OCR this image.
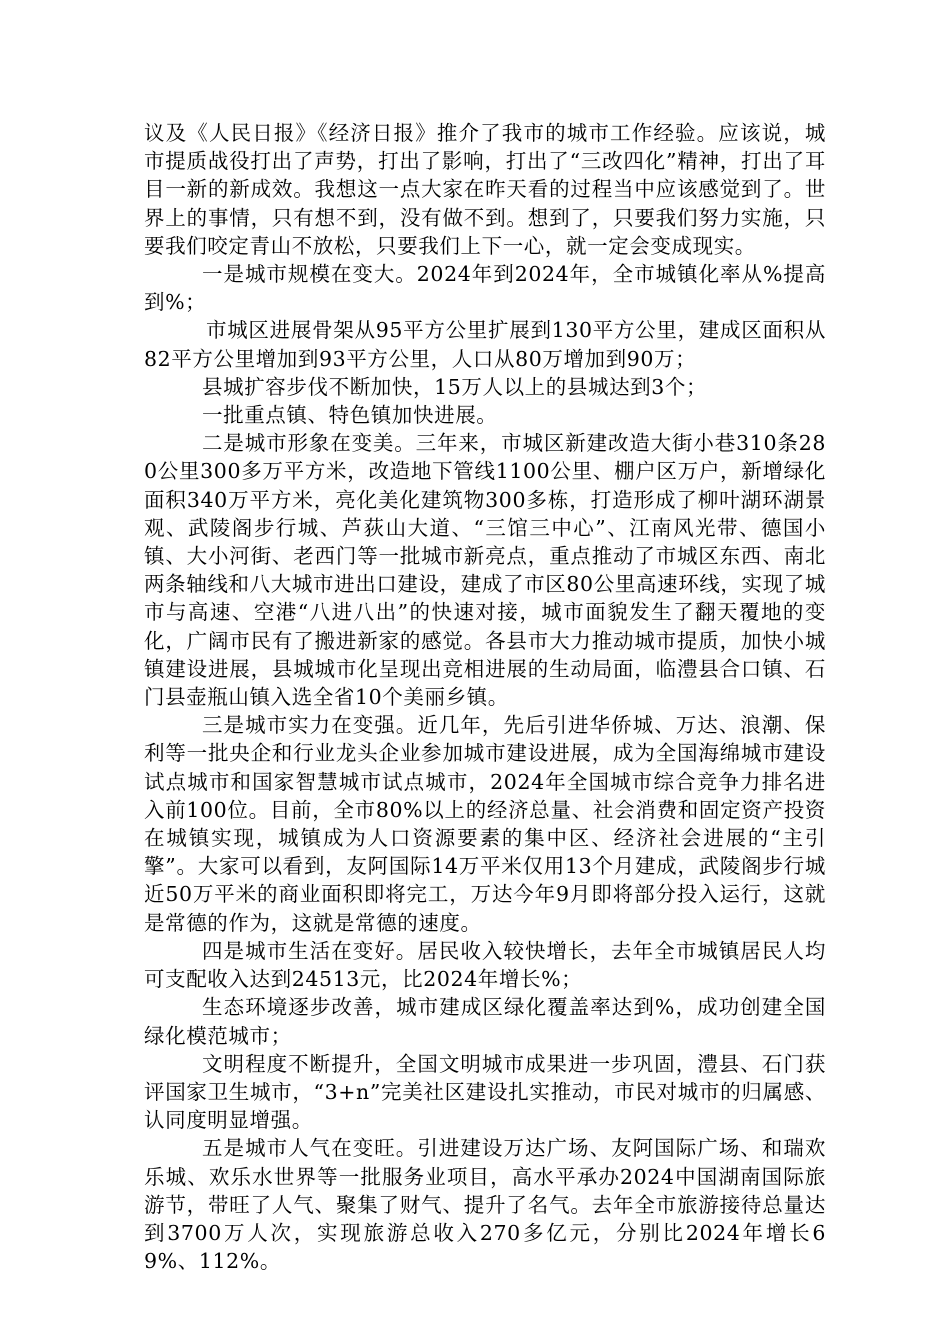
议及《人民日报》《经济日报》推介了我市的城市工作经验。应该说，城市提质战役打出了声势，打出了影响，打出了“三改四化”精神，打出了耳目一新的新成效。我想这一点大家在昨天看的过程当中应该感觉到了。世界上的事情，只有想不到，没有做不到。想到了，只要我们努力实施，只要我们咬定青山不放松，只要我们上下一心，就一定会变成现实。

一是城市规模在变大。2024年到2024年，全市城镇化率从%提高到%；

市城区进展骨架从95平方公里扩展到130平方公里，建成区面积从82平方公里增加到93平方公里，人口从80万增加到90万；

县城扩容步伐不断加快，15万人以上的县城达到3个；

一批重点镇、特色镇加快进展。

二是城市形象在变美。三年来，市城区新建改造大街小巷310条280公里300多万平方米，改造地下管线1100公里、棚户区万户，新增绿化面积340万平方米，亮化美化建筑物300多栋，打造形成了柳叶湖环湖景观、武陵阁步行城、芦荻山大道、“三馆三中心”、江南风光带、德国小镇、大小河街、老西门等一批城市新亮点，重点推动了市城区东西、南北两条轴线和八大城市进出口建设，建成了市区80公里高速环线，实现了城市与高速、空港“八进八出”的快速对接，城市面貌发生了翻天覆地的变化，广阔市民有了搬进新家的感觉。各县市大力推动城市提质，加快小城镇建设进展，县城城市化呈现出竞相进展的生动局面，临澧县合口镇、石门县壶瓶山镇入选全省10个美丽乡镇。

三是城市实力在变强。近几年，先后引进华侨城、万达、浪潮、保利等一批央企和行业龙头企业参加城市建设进展，成为全国海绵城市建设试点城市和国家智慧城市试点城市，2024年全国城市综合竞争力排名进入前100位。目前，全市80%以上的经济总量、社会消费和固定资产投资在城镇实现，城镇成为人口资源要素的集中区、经济社会进展的“主引擎”。大家可以看到，友阿国际14万平米仅用13个月建成，武陵阁步行城近50万平米的商业面积即将完工，万达今年9月即将部分投入运行，这就是常德的作为，这就是常德的速度。

四是城市生活在变好。居民收入较快增长，去年全市城镇居民人均可支配收入达到24513元，比2024年增长%；

生态环境逐步改善，城市建成区绿化覆盖率达到%，成功创建全国绿化模范城市；

文明程度不断提升，全国文明城市成果进一步巩固，澧县、石门获评国家卫生城市，“3+n”完美社区建设扎实推动，市民对城市的归属感、认同度明显增强。

五是城市人气在变旺。引进建设万达广场、友阿国际广场、和瑞欢乐城、欢乐水世界等一批服务业项目，高水平承办2024中国湖南国际旅游节，带旺了人气、聚集了财气、提升了名气。去年全市旅游接待总量达到3700万人次，实现旅游总收入270多亿元，分别比2024年增长69%、112%。
